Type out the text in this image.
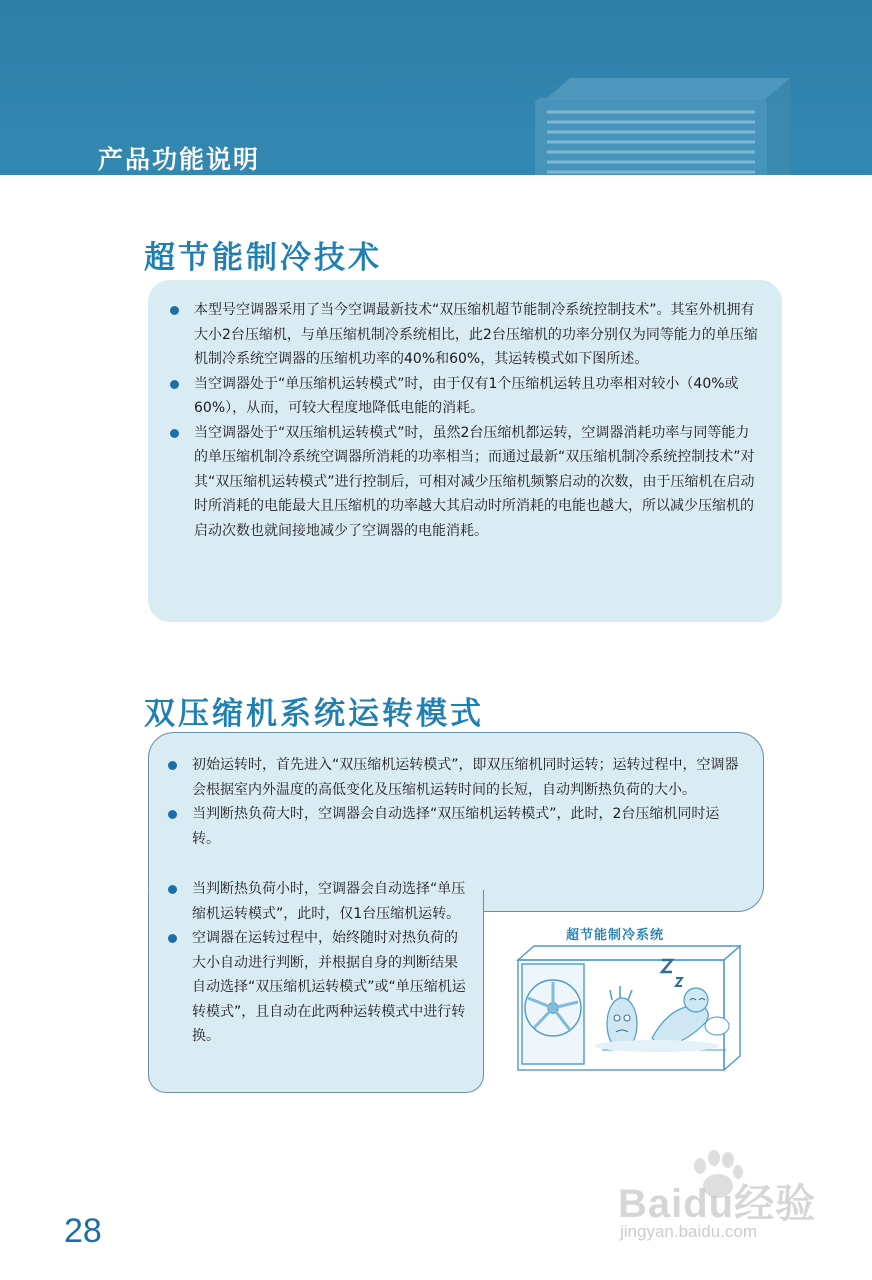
产品功能说明
超节能制冷技术
本型号空调器采用了当今空调最新技术“双压缩机超节能制冷系统控制技术”。其室外机拥有大小2台压缩机，与单压缩机制冷系统相比，此2台压缩机的功率分别仅为同等能力的单压缩机制冷系统空调器的压缩机功率的40%和60%，其运转模式如下图所述。
当空调器处于“单压缩机运转模式”时，由于仅有1个压缩机运转且功率相对较小（40%或60%），从而，可较大程度地降低电能的消耗。
当空调器处于“双压缩机运转模式”时，虽然2台压缩机都运转，空调器消耗功率与同等能力的单压缩机制冷系统空调器所消耗的功率相当；而通过最新“双压缩机制冷系统控制技术”对其“双压缩机运转模式”进行控制后，可相对减少压缩机频繁启动的次数，由于压缩机在启动时所消耗的电能最大且压缩机的功率越大其启动时所消耗的电能也越大，所以减少压缩机的启动次数也就间接地减少了空调器的电能消耗。
双压缩机系统运转模式
初始运转时，首先进入“双压缩机运转模式”，即双压缩机同时运转；运转过程中，空调器会根据室内外温度的高低变化及压缩机运转时间的长短，自动判断热负荷的大小。
当判断热负荷大时，空调器会自动选择“双压缩机运转模式”，此时，2台压缩机同时运转。
当判断热负荷小时，空调器会自动选择“单压缩机运转模式”，此时，仅1台压缩机运转。
空调器在运转过程中，始终随时对热负荷的大小自动进行判断，并根据自身的判断结果自动选择“双压缩机运转模式”或“单压缩机运转模式”，且自动在此两种运转模式中进行转换。
超节能制冷系统
28
Baidu经验
jingyan.baidu.com
